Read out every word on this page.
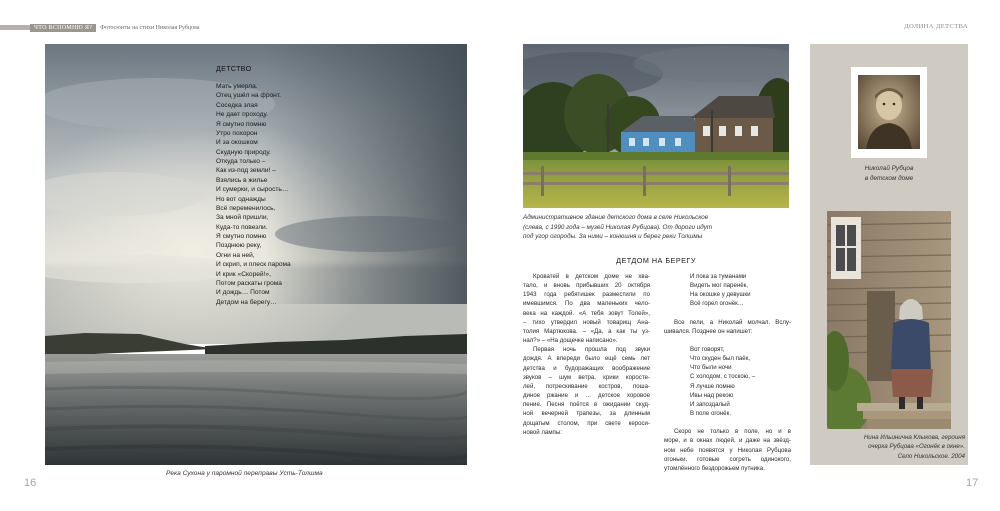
ЧТО ВСПОМНЮ Я?	Фотосюиты на стихи Николая Рубцова	ДОЛИНА ДЕТСТВА
ДЕТСТВО
Мать умерла.
Отец ушёл на фронт.
Соседка злая
Не дает проходу.
Я смутно помню
Утро похорон
И за окошком
Скудную природу.
Откуда только –
Как из-под земли! –
Взялись в жилье
И сумерки, и сырость…
Но вот однажды
Всё переменилось,
За мной пришли,
Куда-то повезли.
Я смутно помню
Позднюю реку,
Огни на ней,
И скрип, и плеск парома
И крик «Скорей!»,
Потом раскаты грома
И дождь… Потом
Детдом на берегу…
Река Сухона у паромной переправы Усть-Толшма
16
Административное здание детского дома в селе Никольское
(слева, с 1990 года – музей Николая Рубцова). От дороги идут
под угор огороды. За ними – конюшня и берег реки Толшмы
ДЕТДОМ НА БЕРЕГУ
Кроватей в детском доме не хва-
тало, и вновь прибывших 20 октября
1943 года ребятишек разместили по
имевшимся. По два маленьких чело-
века на каждой. «А тебя зовут Толей»,
– тихо утвердил новый товарищ Ана-
толия Мартюкова. – «Да, а как ты уз-
нал?» – «На дощечке написано».
Первая ночь прошла под звуки
дождя. А впереди было ещё семь лет
детства и будоражащих воображение
звуков – шум ветра, крики коросте-
лей, потрескивание костров, поша-
диное ржание и … детское хоровое
пение. Песня поётся в ожидании скуд-
ной вечерней трапезы, за длинным
дощатым столом, при свете кероси-
новой лампы:
И пока за туманами
Видеть мог паренёк,
На окошке у девушки
Всё горел огонёк…
Все пели, а Николай молчал. Вслу-
шивался. Позднее он напишет:
Вот говорят,
Что скуден был паёк,
Что были ночи
С холодом, с тоскою, –
Я лучше помню
Ивы над рекою
И запоздалый
В поле огонёк.
Скоро не только в поле, но и в
море, и в окнах людей, и даже на звёзд-
ном небе появятся у Николая Рубцова
огоньки, готовые согреть одинокого,
утомлённого бездорожьем путника.
Николай Рубцов
в детском доме
Нина Ильинична Клыкова, героиня
очерка Рубцова «Огонёк в окне».
Село Никольское. 2004
17
